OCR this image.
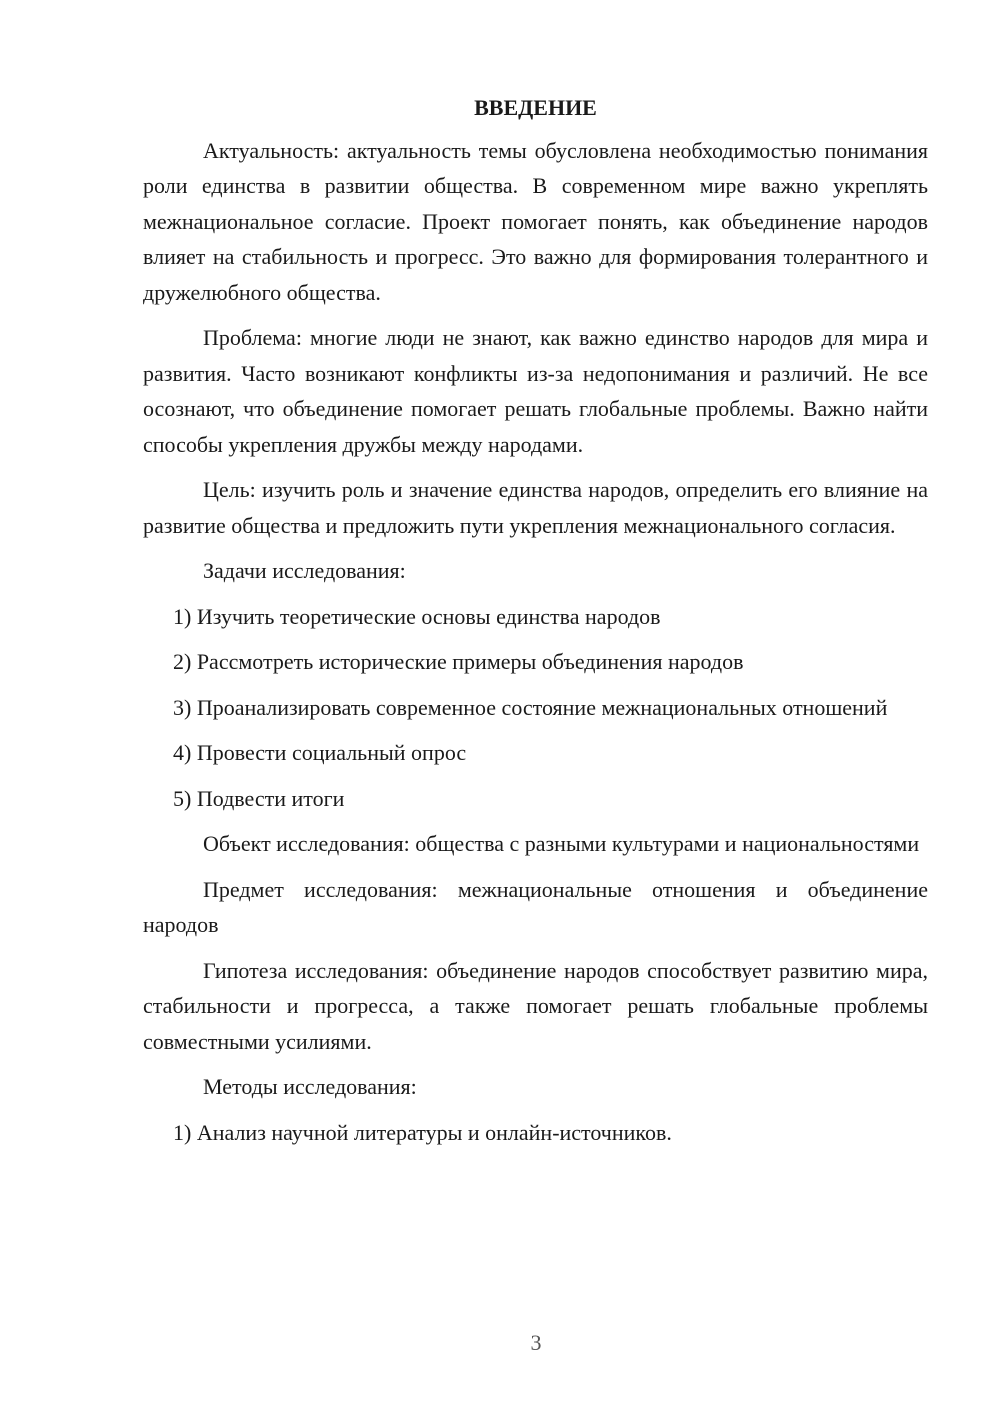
ВВЕДЕНИЕ

Актуальность: актуальность темы обусловлена необходимостью понимания роли единства в развитии общества. В современном мире важно укреплять межнациональное согласие. Проект помогает понять, как объединение народов влияет на стабильность и прогресс. Это важно для формирования толерантного и дружелюбного общества.

Проблема: многие люди не знают, как важно единство народов для мира и развития. Часто возникают конфликты из-за недопонимания и различий. Не все осознают, что объединение помогает решать глобальные проблемы. Важно найти способы укрепления дружбы между народами.

Цель: изучить роль и значение единства народов, определить его влияние на развитие общества и предложить пути укрепления межнационального согласия.

Задачи исследования:

1) Изучить теоретические основы единства народов

2) Рассмотреть исторические примеры объединения народов

3) Проанализировать современное состояние межнациональных отношений

4) Провести социальный опрос

5) Подвести итоги

Объект исследования: общества с разными культурами и национальностями

Предмет исследования: межнациональные отношения и объединение народов

Гипотеза исследования: объединение народов способствует развитию мира, стабильности и прогресса, а также помогает решать глобальные проблемы совместными усилиями.

Методы исследования:

1) Анализ научной литературы и онлайн-источников.

3
